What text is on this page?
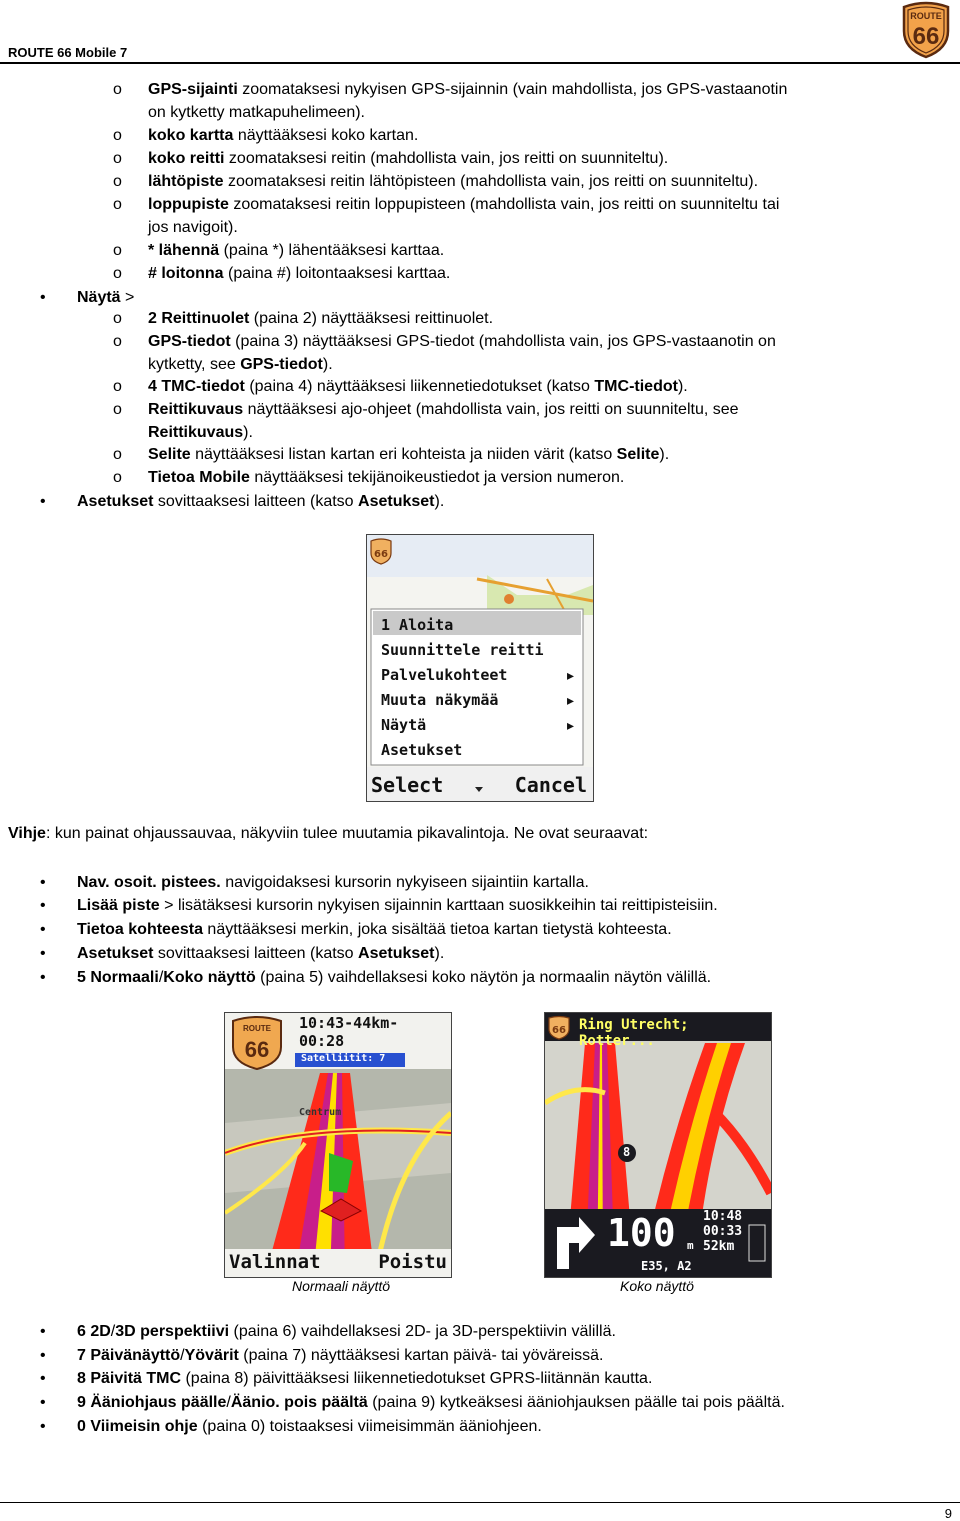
ROUTE 66 Mobile 7
ROUTE
66
o GPS-sijainti zoomataksesi nykyisen GPS-sijainnin (vain mahdollista, jos GPS-vastaanotin
on kytketty matkapuhelimeen).
o koko kartta näyttääksesi koko kartan.
o koko reitti zoomataksesi reitin (mahdollista vain, jos reitti on suunniteltu).
o lähtöpiste zoomataksesi reitin lähtöpisteen (mahdollista vain, jos reitti on suunniteltu).
o loppupiste zoomataksesi reitin loppupisteen (mahdollista vain, jos reitti on suunniteltu tai
jos navigoit).
o * lähennä (paina *) lähentääksesi karttaa.
o # loitonna (paina #) loitontaaksesi karttaa.
• Näytä >
o 2 Reittinuolet (paina 2) näyttääksesi reittinuolet.
o GPS-tiedot (paina 3) näyttääksesi GPS-tiedot (mahdollista vain, jos GPS-vastaanotin on
kytketty, see GPS-tiedot).
o 4 TMC-tiedot (paina 4) näyttääksesi liikennetiedotukset (katso TMC-tiedot).
o Reittikuvaus näyttääksesi ajo-ohjeet (mahdollista vain, jos reitti on suunniteltu, see
Reittikuvaus).
o Selite näyttääksesi listan kartan eri kohteista ja niiden värit (katso Selite).
o Tietoa Mobile näyttääksesi tekijänoikeustiedot ja version numeron.
• Asetukset sovittaaksesi laitteen (katso Asetukset).
66
1 Aloita
Suunnittele reitti
Palvelukohteet
Muuta näkymää
Näytä
Asetukset

▸
▸
▸
Select	Cancel
Vihje: kun painat ohjaussauvaa, näkyviin tulee muutamia pikavalintoja. Ne ovat seuraavat:
• Nav. osoit. pistees. navigoidaksesi kursorin nykyiseen sijaintiin kartalla.
• Lisää piste > lisätäksesi kursorin nykyisen sijainnin karttaan suosikkeihin tai reittipisteisiin.
• Tietoa kohteesta näyttääksesi merkin, joka sisältää tietoa kartan tietystä kohteesta.
• Asetukset sovittaaksesi laitteen (katso Asetukset).
• 5 Normaali/Koko näyttö (paina 5) vaihdellaksesi koko näytön ja normaalin näytön välillä.
ROUTE
66
10:43-44km-
00:28
Satelliitit: 7
Centrum
Valinnat	Poistu
Normaali näyttö
66 Ring Utrecht; Rotter...
8
100 m
10:48
00:33
52km
E35, A2
Koko näyttö
• 6 2D/3D perspektiivi (paina 6) vaihdellaksesi 2D- ja 3D-perspektiivin välillä.
• 7 Päivänäyttö/Yövärit (paina 7) näyttääksesi kartan päivä- tai yöväreissä.
• 8 Päivitä TMC (paina 8) päivittääksesi liikennetiedotukset GPRS-liitännän kautta.
• 9 Ääniohjaus päälle/Äänio. pois päältä (paina 9) kytkeäksesi ääniohjauksen päälle tai pois päältä.
• 0 Viimeisin ohje (paina 0) toistaaksesi viimeisimmän ääniohjeen.
9
